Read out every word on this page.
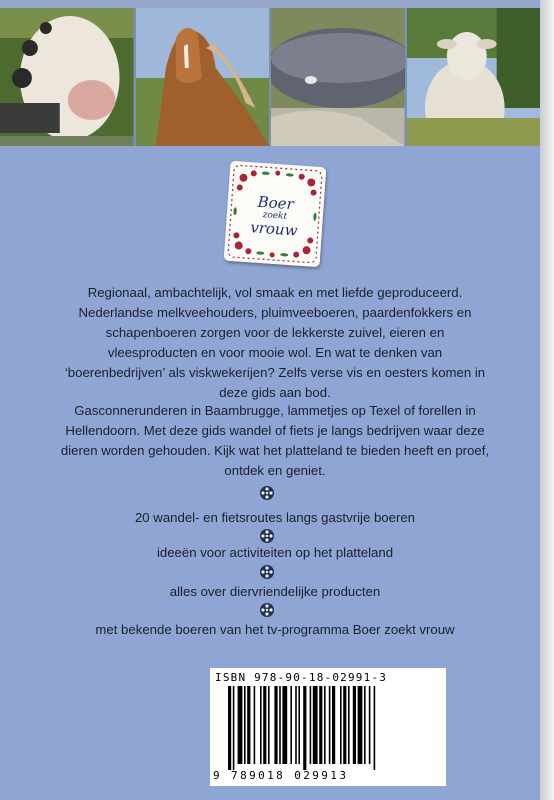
Boer
zoekt
vrouw
Regionaal, ambachtelijk, vol smaak en met liefde geproduceerd. Nederlandse melkveehouders, pluimveeboeren, paardenfokkers en schapenboeren zorgen voor de lekkerste zuivel, eieren en vleesproducten en voor mooie wol. En wat te denken van ‘boerenbedrijven’ als viskwekerijen? Zelfs verse vis en oesters komen in deze gids aan bod.
Gasconnerunderen in Baambrugge, lammetjes op Texel of forellen in Hellendoorn. Met deze gids wandel of fiets je langs bedrijven waar deze dieren worden gehouden. Kijk wat het platteland te bieden heeft en proef, ontdek en geniet.
20 wandel- en fietsroutes langs gastvrije boeren
ideeën voor activiteiten op het platteland
alles over diervriendelijke producten
met bekende boeren van het tv-programma Boer zoekt vrouw
ISBN 978-90-18-02991-3
9 789018 029913
